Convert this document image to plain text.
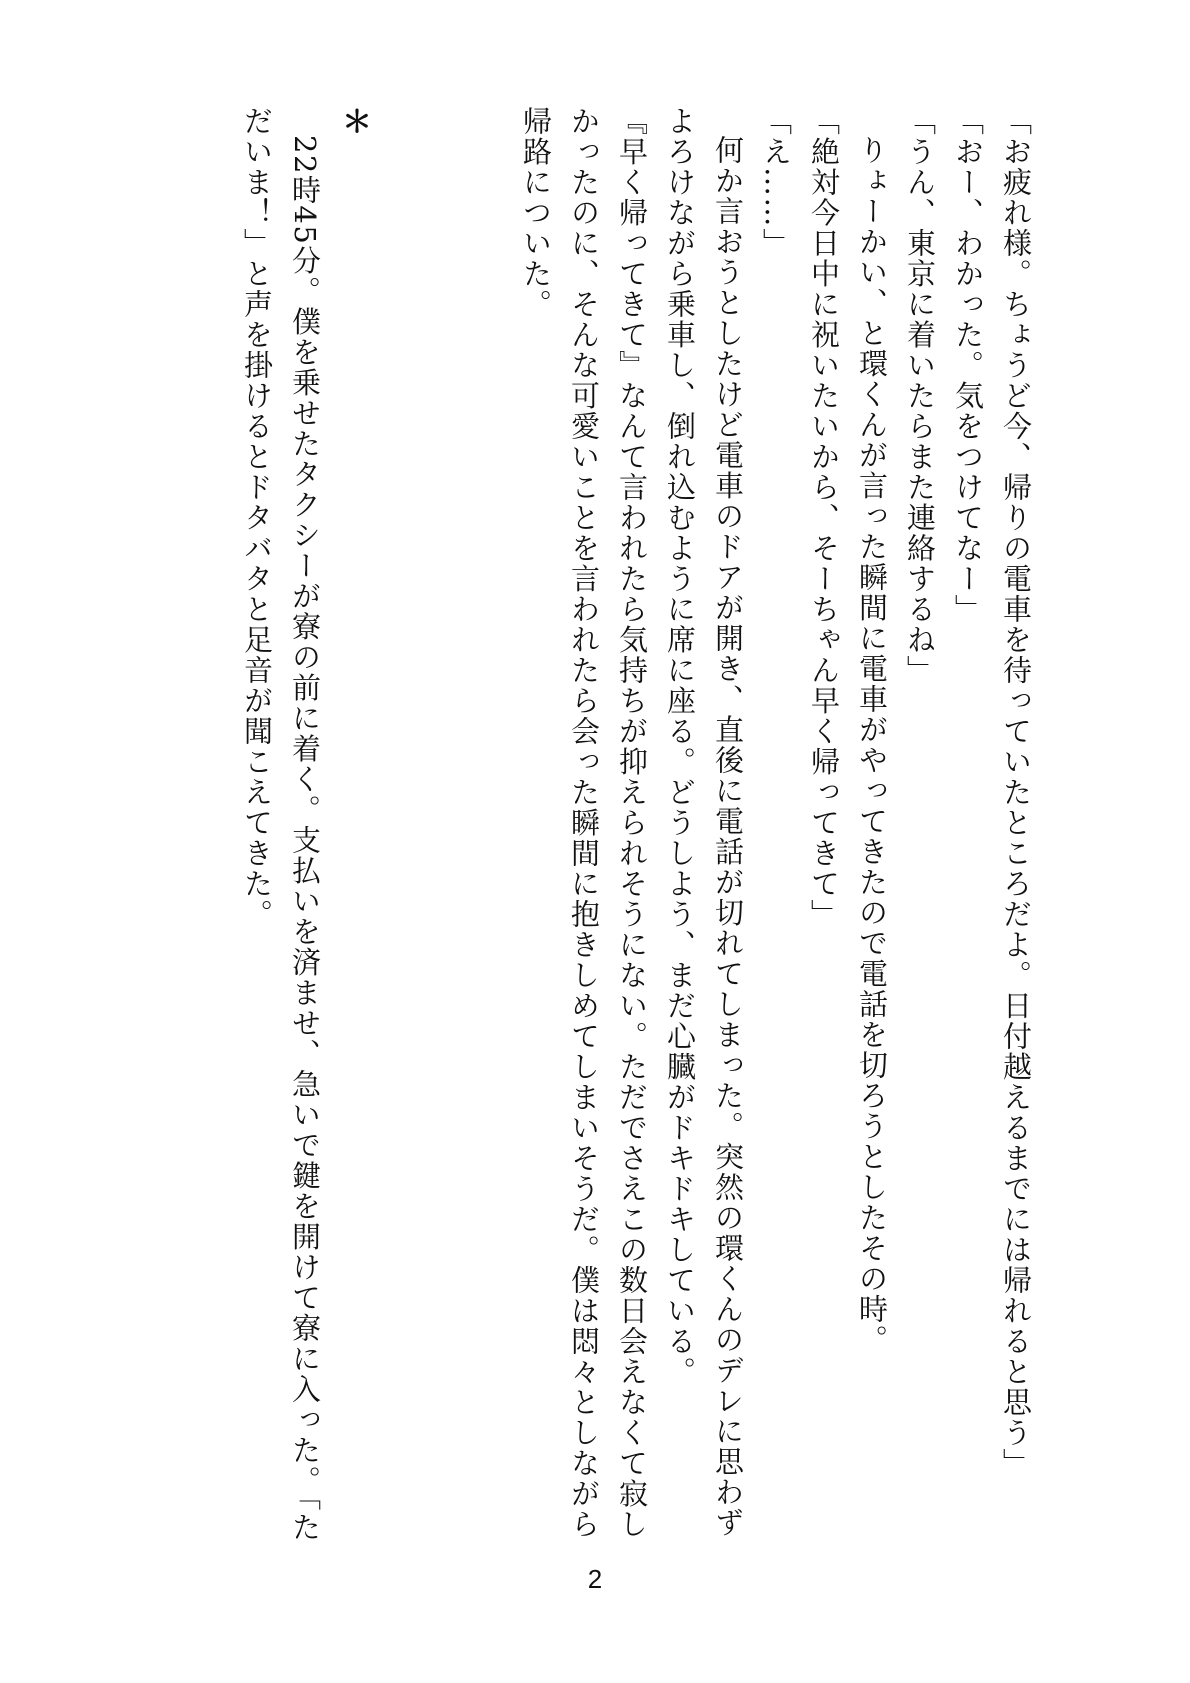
「お疲れ様。ちょうど今、帰りの電車を待っていたところだよ。日付越えるまでには帰れると思う」

「おー、わかった。気をつけてなー」

「うん、東京に着いたらまた連絡するね」

りょーかい、と環くんが言った瞬間に電車がやってきたので電話を切ろうとしたその時。

「絶対今日中に祝いたいから、そーちゃん早く帰ってきて」

「え……」

何か言おうとしたけど電車のドアが開き、直後に電話が切れてしまった。突然の環くんのデレに思わずよろけながら乗車し、倒れ込むように席に座る。どうしよう、まだ心臓がドキドキしている。

『早く帰ってきて』なんて言われたら気持ちが抑えられそうにない。ただでさえこの数日会えなくて寂しかったのに、そんな可愛いことを言われたら会った瞬間に抱きしめてしまいそうだ。僕は悶々としながら帰路についた。

＊

22時45分。僕を乗せたタクシーが寮の前に着く。支払いを済ませ、急いで鍵を開けて寮に入った。「ただいま！」と声を掛けるとドタバタと足音が聞こえてきた。

2
